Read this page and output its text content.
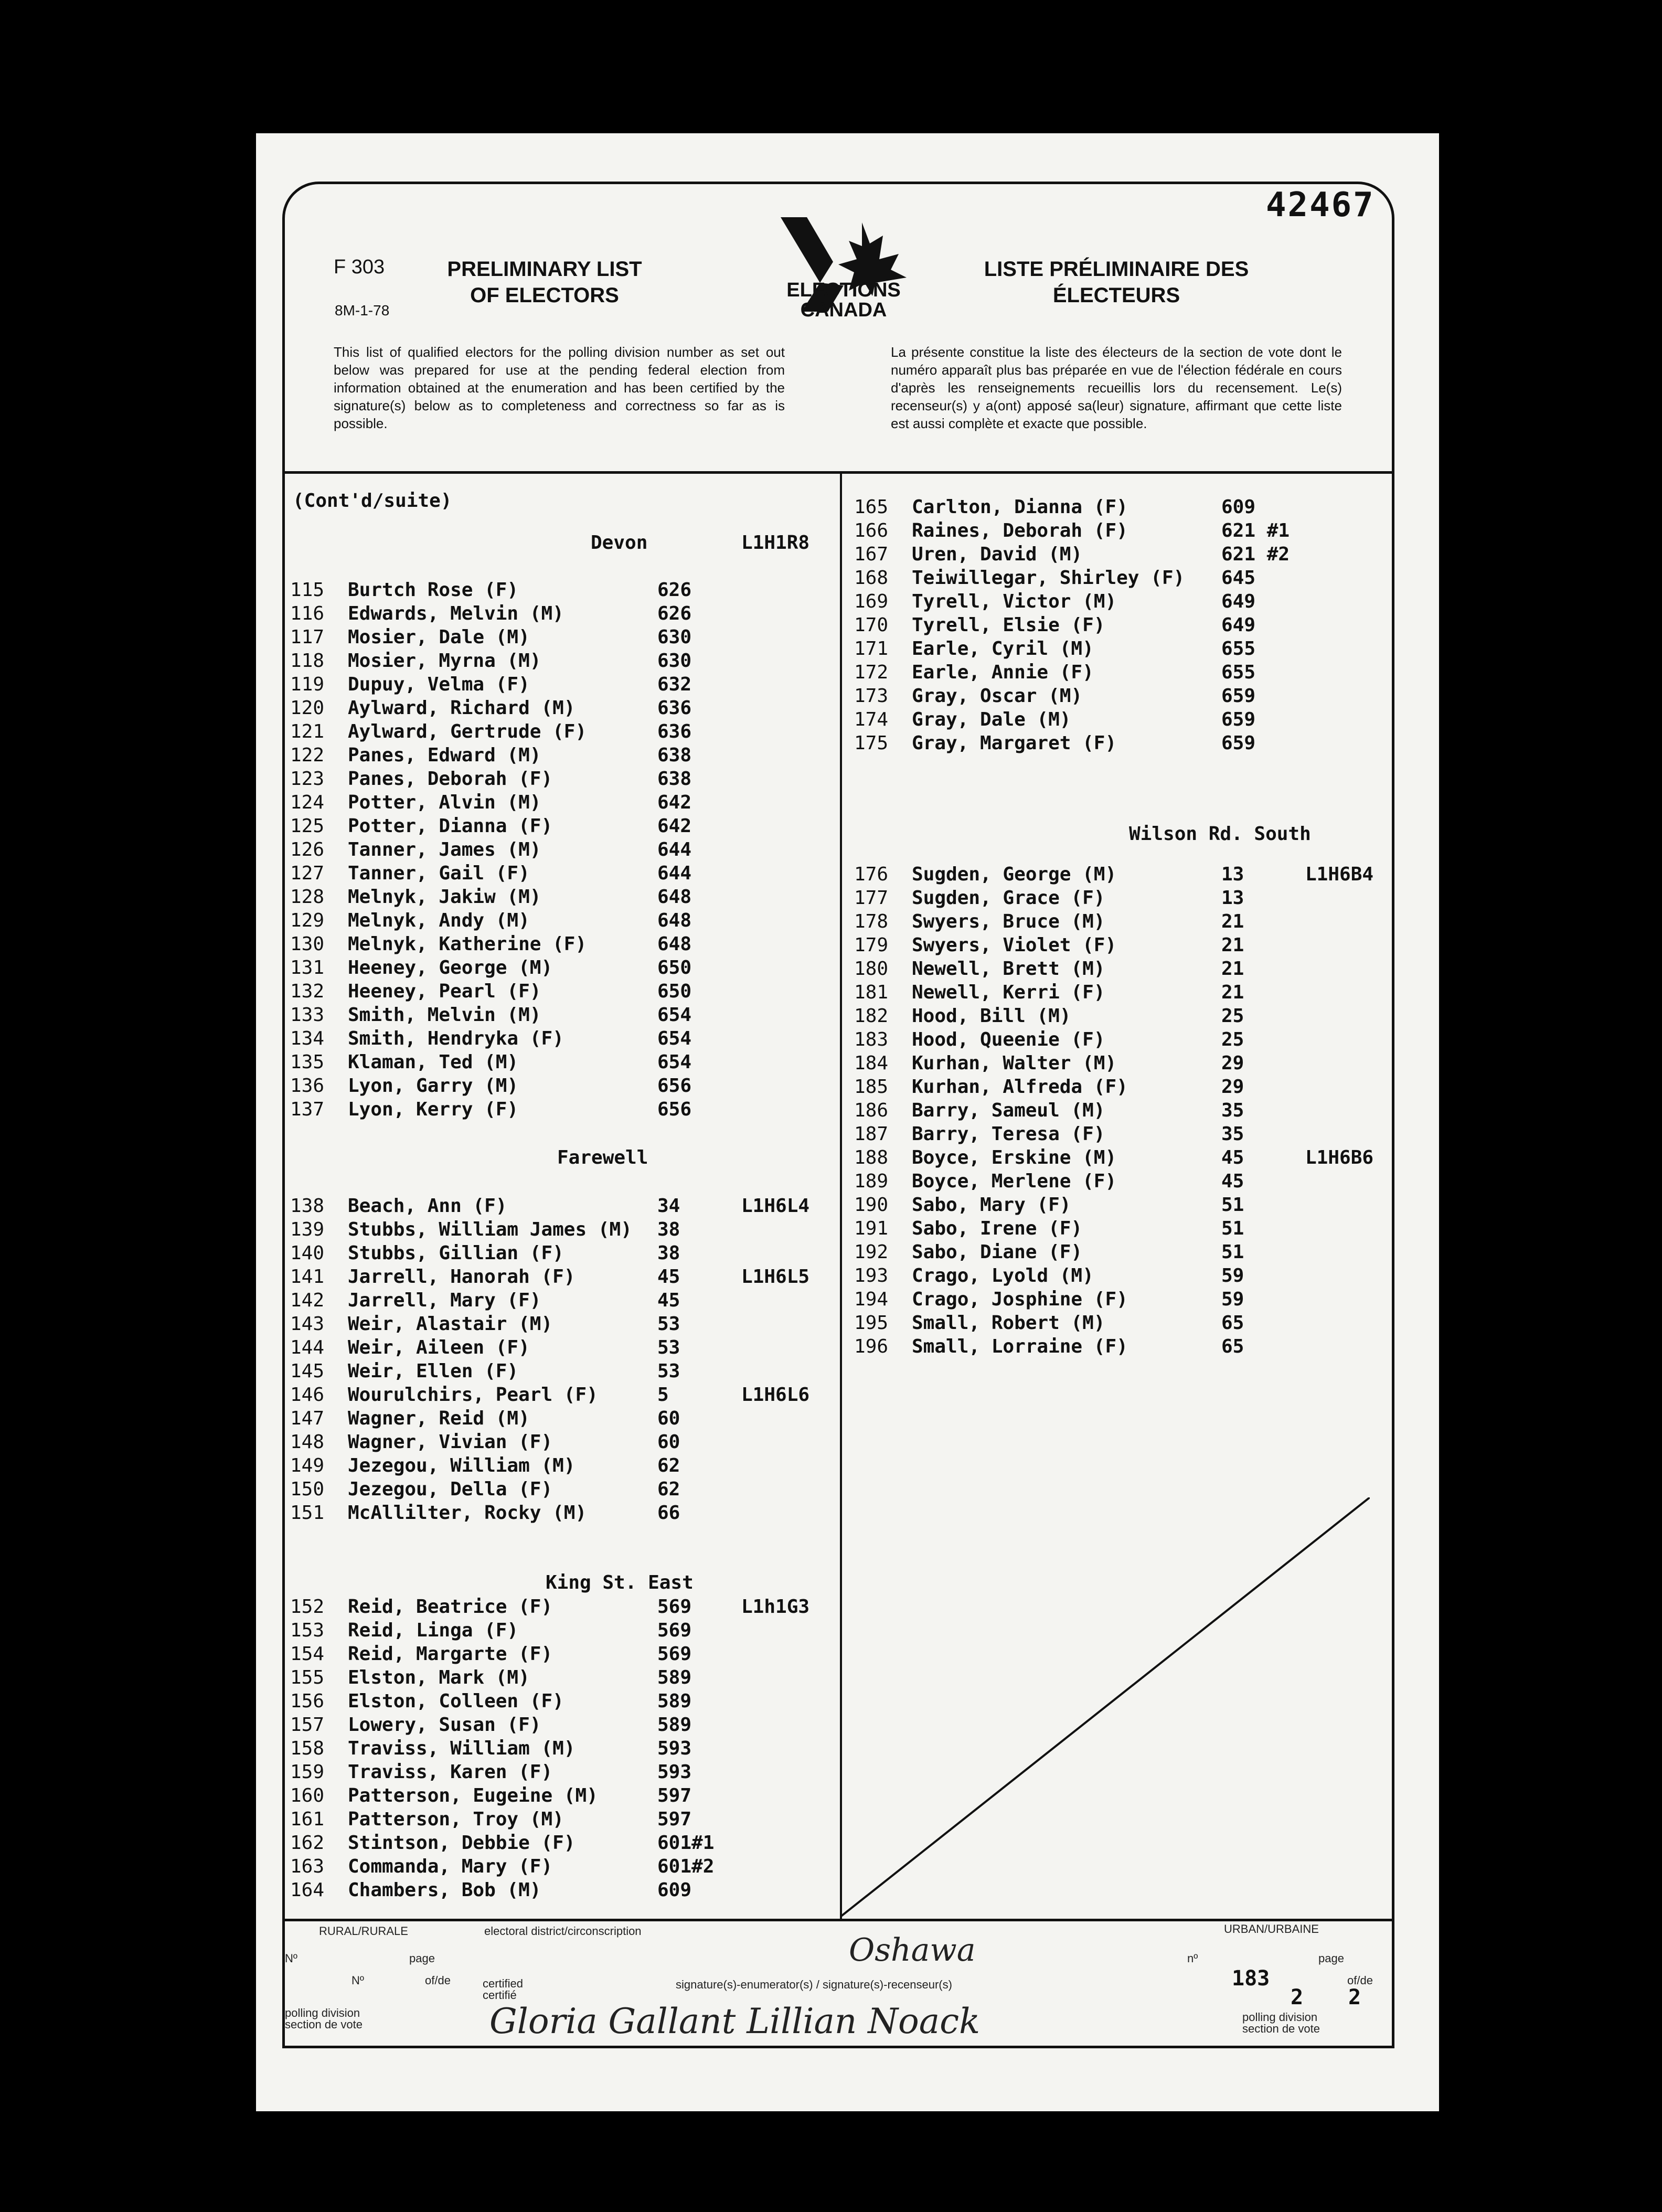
42467
F 303
8M-1-78
PRELIMINARY LIST OF ELECTORS
LISTE PRÉLIMINAIRE DES ÉLECTEURS
ELECTIONS CANADA
This list of qualified electors for the polling division number as set out below was prepared for use at the pending federal election from information obtained at the enumeration and has been certified by the signature(s) below as to completeness and correctness so far as is possible.
La présente constitue la liste des électeurs de la section de vote dont le numéro apparaît plus bas préparée en vue de l'élection fédérale en cours d'après les renseignements recueillis lors du recensement. Le(s) recenseur(s) y a(ont) apposé sa(leur) signature, affirmant que cette liste est aussi complète et exacte que possible.
(Cont'd/suite)
Devon	L1H1R8
Farewell
King St. East
Wilson Rd. South
115 Burtch Rose (F)	626
116 Edwards, Melvin (M)	626
117 Mosier, Dale (M)	630
118 Mosier, Myrna (M)	630
119 Dupuy, Velma (F)	632
120 Aylward, Richard (M)	636
121 Aylward, Gertrude (F)	636
122 Panes, Edward (M)	638
123 Panes, Deborah (F)	638
124 Potter, Alvin (M)	642
125 Potter, Dianna (F)	642
126 Tanner, James (M)	644
127 Tanner, Gail (F)	644
128 Melnyk, Jakiw (M)	648
129 Melnyk, Andy (M)	648
130 Melnyk, Katherine (F)	648
131 Heeney, George (M)	650
132 Heeney, Pearl (F)	650
133 Smith, Melvin (M)	654
134 Smith, Hendryka (F)	654
135 Klaman, Ted (M)	654
136 Lyon, Garry (M)	656
137 Lyon, Kerry (F)	656
138 Beach, Ann (F)	34	L1H6L4
139 Stubbs, William James (M) 38
140 Stubbs, Gillian (F)	38
141 Jarrell, Hanorah (F)	45	L1H6L5
142 Jarrell, Mary (F)	45
143 Weir, Alastair (M)	53
144 Weir, Aileen (F)	53
145 Weir, Ellen (F)	53
146 Wourulchirs, Pearl (F)	5	L1H6L6
147 Wagner, Reid (M)	60
148 Wagner, Vivian (F)	60
149 Jezegou, William (M)	62
150 Jezegou, Della (F)	62
151 McAllilter, Rocky (M)	66
152 Reid, Beatrice (F)	569	L1h1G3
153 Reid, Linga (F)	569
154 Reid, Margarte (F)	569
155 Elston, Mark (M)	589
156 Elston, Colleen (F)	589
157 Lowery, Susan (F)	589
158 Traviss, William (M)	593
159 Traviss, Karen (F)	593
160 Patterson, Eugeine (M)	597
161 Patterson, Troy (M)	597
162 Stintson, Debbie (F)	601#1
163 Commanda, Mary (F)	601#2
164 Chambers, Bob (M)	609
165 Carlton, Dianna (F)	609
166 Raines, Deborah (F)	621 #1
167 Uren, David (M)	621 #2
168 Teiwillegar, Shirley (F) 645
169 Tyrell, Victor (M)	649
170 Tyrell, Elsie (F)	649
171 Earle, Cyril (M)	655
172 Earle, Annie (F)	655
173 Gray, Oscar (M)	659
174 Gray, Dale (M)	659
175 Gray, Margaret (F)	659
176 Sugden, George (M)	13	L1H6B4
177 Sugden, Grace (F)	13
178 Swyers, Bruce (M)	21
179 Swyers, Violet (F)	21
180 Newell, Brett (M)	21
181 Newell, Kerri (F)	21
182 Hood, Bill (M)	25
183 Hood, Queenie (F)	25
184 Kurhan, Walter (M)	29
185 Kurhan, Alfreda (F)	29
186 Barry, Sameul (M)	35
187 Barry, Teresa (F)	35
188 Boyce, Erskine (M)	45	L1H6B6
189 Boyce, Merlene (F)	45
190 Sabo, Mary (F)	51
191 Sabo, Irene (F)	51
192 Sabo, Diane (F)	51
193 Crago, Lyold (M)	59
194 Crago, Josphine (F)	59
195 Small, Robert (M)	65
196 Small, Lorraine (F)	65
RURAL/RURALE	electoral district/circonscription	URBAN/URBAINE
Nº	page
Nº	of/de	certified certifié
signature(s)-enumerator(s) / signature(s)-recenseur(s)
polling division section de vote
nº	page
of/de
polling division section de vote
183
2 2
Oshawa
Gloria Gallant Lillian Noack
